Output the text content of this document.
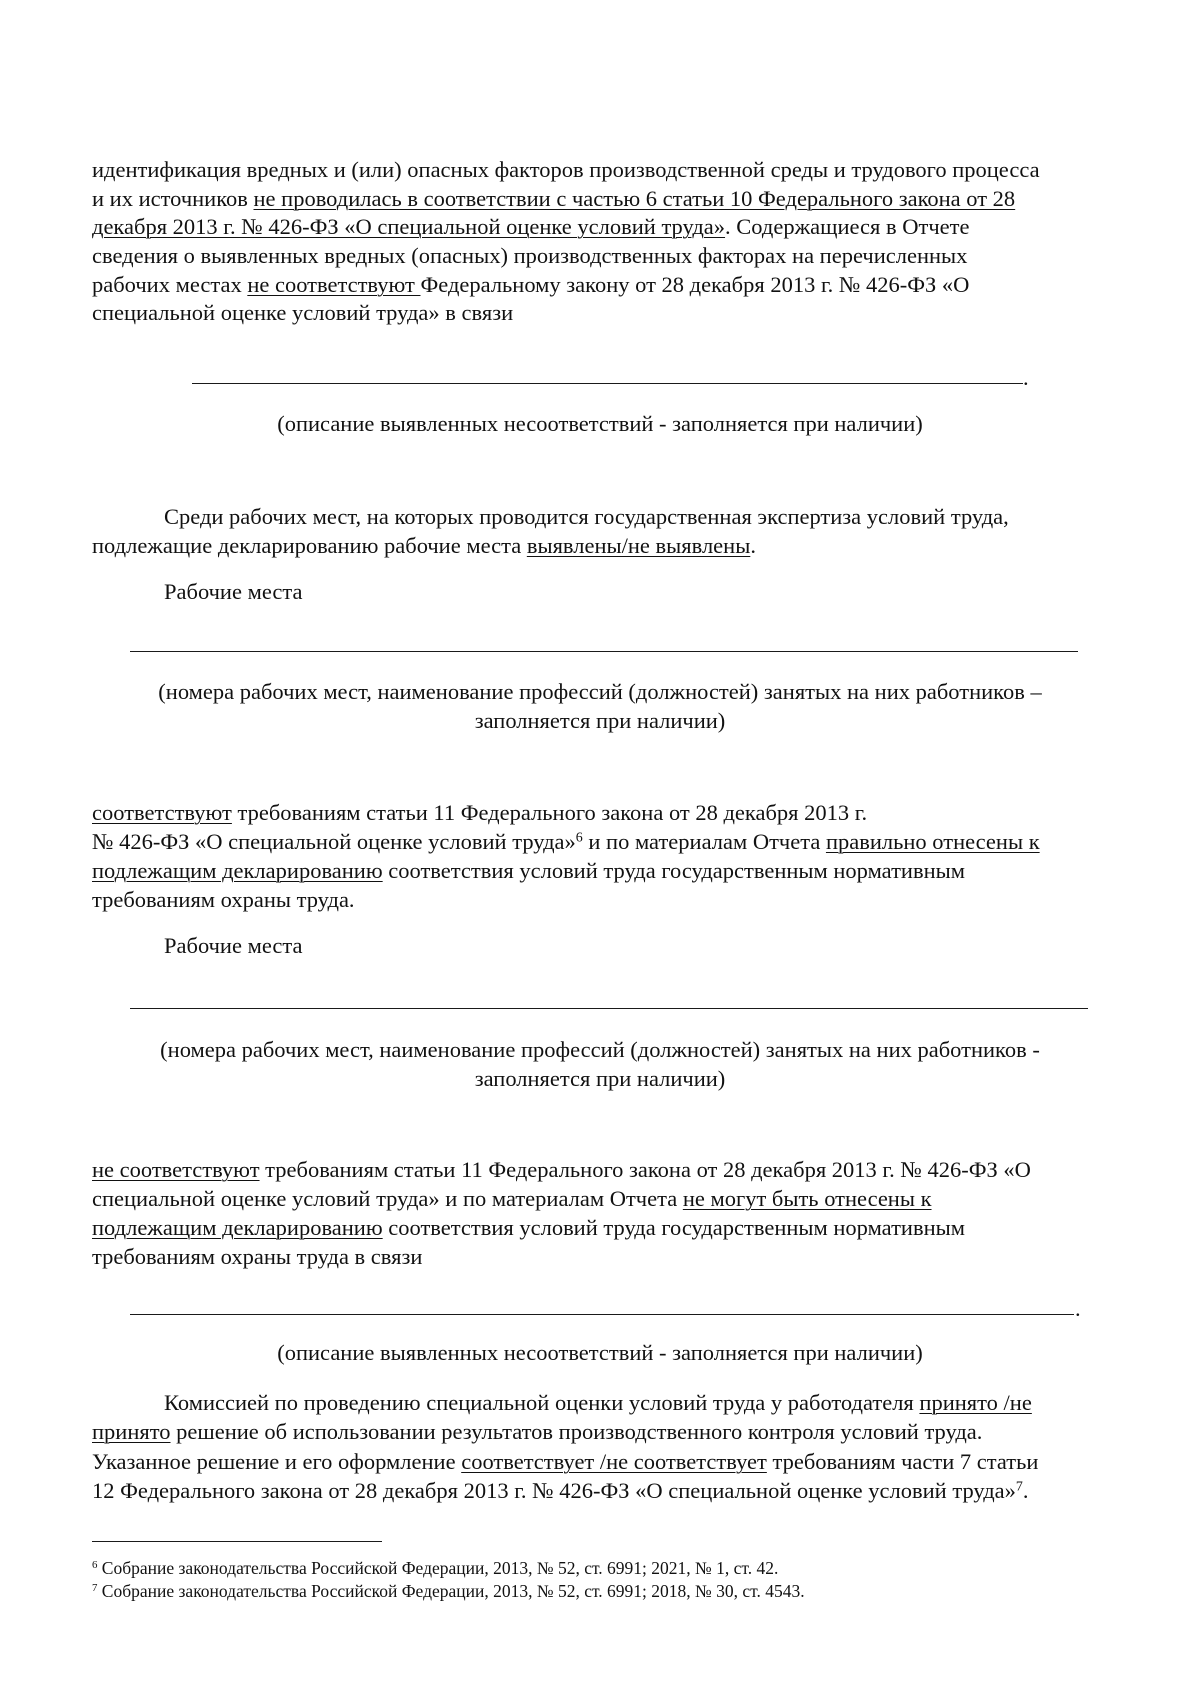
идентификация вредных и (или) опасных факторов производственной среды и трудового процесса
и их источников не проводилась в соответствии с частью 6 статьи 10 Федерального закона от 28
декабря 2013 г. № 426-ФЗ «О специальной оценке условий труда». Содержащиеся в Отчете
сведения о выявленных вредных (опасных) производственных факторах на перечисленных
рабочих местах не соответствуют Федеральному закону от 28 декабря 2013 г. № 426-ФЗ «О
специальной оценке условий труда» в связи
.
(описание выявленных несоответствий - заполняется при наличии)
Среди рабочих мест, на которых проводится государственная экспертиза условий труда,
подлежащие декларированию рабочие места выявлены/не выявлены.
Рабочие места
(номера рабочих мест, наименование профессий (должностей) занятых на них работников –
заполняется при наличии)
соответствуют требованиям статьи 11 Федерального закона от 28 декабря 2013 г.
№ 426-ФЗ «О специальной оценке условий труда»$^6$ и по материалам Отчета правильно отнесены к
подлежащим декларированию соответствия условий труда государственным нормативным
требованиям охраны труда.
Рабочие места
(номера рабочих мест, наименование профессий (должностей) занятых на них работников -
заполняется при наличии)
не соответствуют требованиям статьи 11 Федерального закона от 28 декабря 2013 г. № 426-ФЗ «О
специальной оценке условий труда» и по материалам Отчета не могут быть отнесены к
подлежащим декларированию соответствия условий труда государственным нормативным
требованиям охраны труда в связи
.
(описание выявленных несоответствий - заполняется при наличии)
Комиссией по проведению специальной оценки условий труда у работодателя принято /не
принято решение об использовании результатов производственного контроля условий труда.
Указанное решение и его оформление соответствует /не соответствует требованиям части 7 статьи
12 Федерального закона от 28 декабря 2013 г. № 426-ФЗ «О специальной оценке условий труда»$^7$.
$^6$ Собрание законодательства Российской Федерации, 2013, № 52, ст. 6991; 2021, № 1, ст. 42.
$^7$ Собрание законодательства Российской Федерации, 2013, № 52, ст. 6991; 2018, № 30, ст. 4543.
